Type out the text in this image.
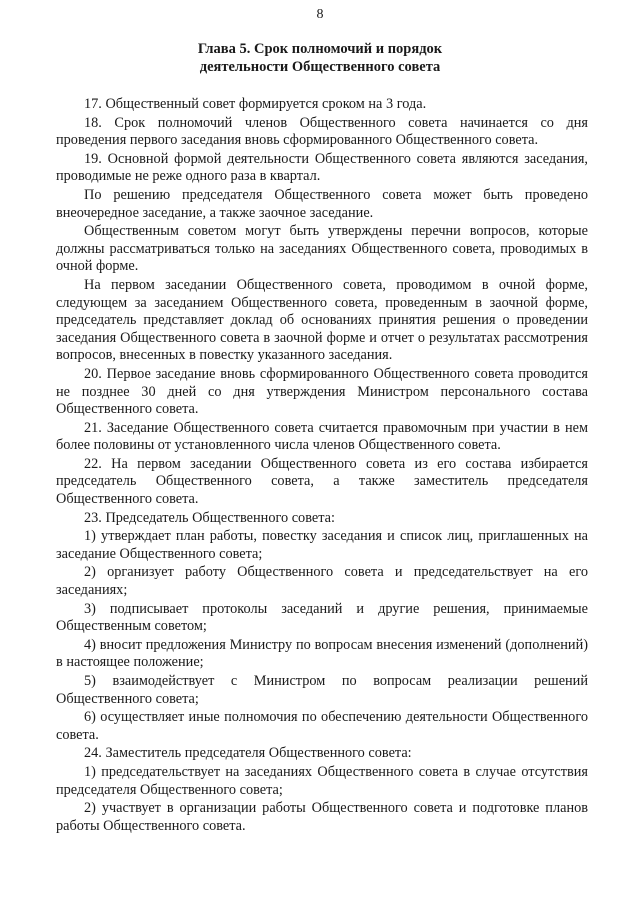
8
Глава 5. Срок полномочий и порядок
деятельности Общественного совета

17. Общественный совет формируется сроком на 3 года.

18. Срок полномочий членов Общественного совета начинается со дня проведения первого заседания вновь сформированного Общественного совета.

19. Основной формой деятельности Общественного совета являются заседания, проводимые не реже одного раза в квартал.

По решению председателя Общественного совета может быть проведено внеочередное заседание, а также заочное заседание.

Общественным советом могут быть утверждены перечни вопросов, которые должны рассматриваться только на заседаниях Общественного совета, проводимых в очной форме.

На первом заседании Общественного совета, проводимом в очной форме, следующем за заседанием Общественного совета, проведенным в заочной форме, председатель представляет доклад об основаниях принятия решения о проведении заседания Общественного совета в заочной форме и отчет о результатах рассмотрения вопросов, внесенных в повестку указанного заседания.

20. Первое заседание вновь сформированного Общественного совета проводится не позднее 30 дней со дня утверждения Министром персонального состава Общественного совета.

21. Заседание Общественного совета считается правомочным при участии в нем более половины от установленного числа членов Общественного совета.

22. На первом заседании Общественного совета из его состава избирается председатель Общественного совета, а также заместитель председателя Общественного совета.

23. Председатель Общественного совета:

1) утверждает план работы, повестку заседания и список лиц, приглашенных на заседание Общественного совета;

2) организует работу Общественного совета и председательствует на его заседаниях;

3) подписывает протоколы заседаний и другие решения, принимаемые Общественным советом;

4) вносит предложения Министру по вопросам внесения изменений (дополнений) в настоящее положение;

5) взаимодействует с Министром по вопросам реализации решений Общественного совета;

6) осуществляет иные полномочия по обеспечению деятельности Общественного совета.

24. Заместитель председателя Общественного совета:

1) председательствует на заседаниях Общественного совета в случае отсутствия председателя Общественного совета;

2) участвует в организации работы Общественного совета и подготовке планов работы Общественного совета.
